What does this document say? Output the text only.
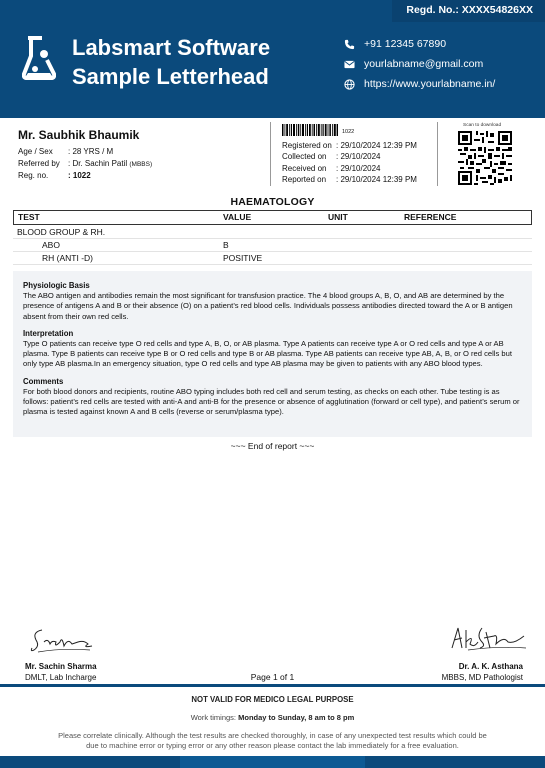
Regd. No.: XXXX54826XX
Labsmart Software
Sample Letterhead
+91 12345 67890
yourlabname@gmail.com
https://www.yourlabname.in/
Mr. Saubhik Bhaumik
Age / Sex	: 28 YRS / M
Referred by	: Dr. Sachin Patil (MBBS)
Reg. no.	: 1022
1022
Registered on : 29/10/2024 12:39 PM
Collected on	: 29/10/2024
Received on	: 29/10/2024
Reported on	: 29/10/2024 12:39 PM
Scan to download
HAEMATOLOGY
TEST	VALUE	UNIT	REFERENCE
BLOOD GROUP & RH.
ABO	B
RH (ANTI -D)	POSITIVE
Physiologic Basis

The ABO antigen and antibodies remain the most significant for transfusion practice. The 4 blood groups A, B, O, and AB are determined by the presence of antigens A and B or their absence (O) on a patient’s red blood cells. Individuals possess antibodies directed toward the A or B antigen absent from their own red cells.

Interpretation

Type O patients can receive type O red cells and type A, B, O, or AB plasma. Type A patients can receive type A or O red cells and type A or AB plasma. Type B patients can receive type B or O red cells and type B or AB plasma. Type AB patients can receive type AB, A, B, or O red cells but only type AB plasma.In an emergency situation, type O red cells and type AB plasma may be given to patients with any ABO blood types.

Comments

For both blood donors and recipients, routine ABO typing includes both red cell and serum testing, as checks on each other. Tube testing is as follows: patient’s red cells are tested with anti-A and anti-B for the presence or absence of agglutination (forward or cell type), and patient’s serum or plasma is tested against known A and B cells (reverse or serum/plasma type).

~~~ End of report ~~~
Mr. Sachin Sharma
DMLT, Lab Incharge	Page 1 of 1
Dr. A. K. Asthana
MBBS, MD Pathologist
NOT VALID FOR MEDICO LEGAL PURPOSE
Work timings: Monday to Sunday, 8 am to 8 pm
Please correlate clinically. Although the test results are checked thoroughly, in case of any unexpected test results which could be due to machine error or typing error or any other reason please contact the lab immediately for a free evaluation.
